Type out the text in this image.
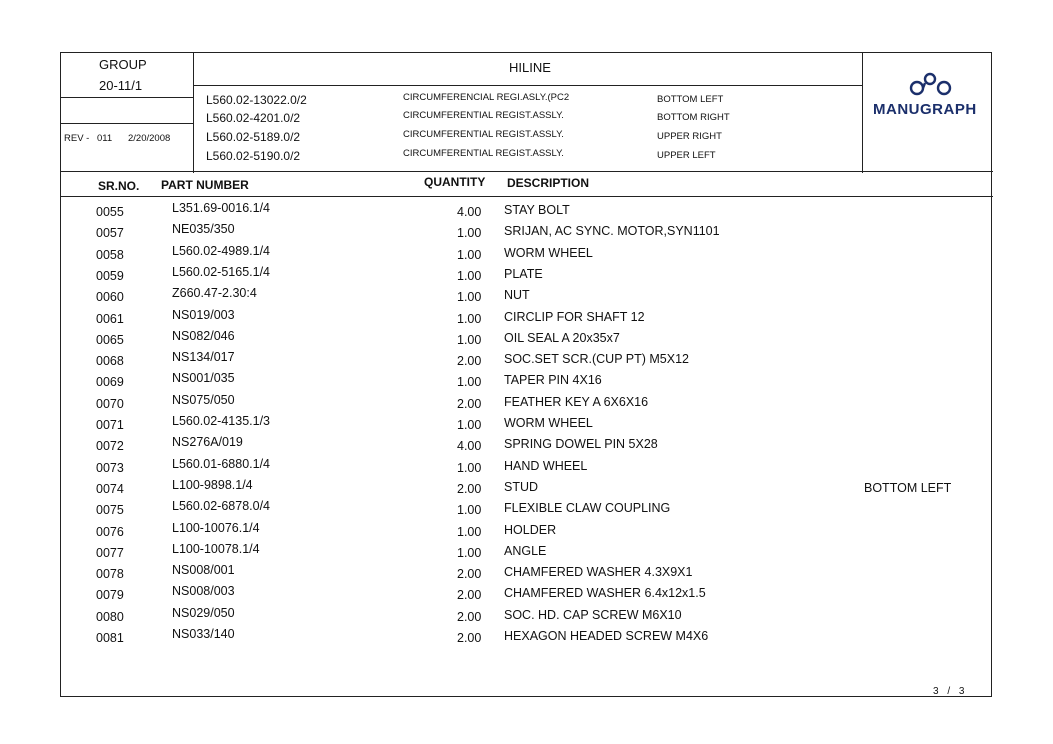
GROUP
20-11/1
REV - 011 2/20/2008
HILINE
L560.02-13022.0/2	CIRCUMFERENCIAL REGI.ASLY.(PC2	BOTTOM LEFT
L560.02-4201.0/2	CIRCUMFERENTIAL REGIST.ASSLY.	BOTTOM RIGHT
L560.02-5189.0/2	CIRCUMFERENTIAL REGIST.ASSLY.	UPPER RIGHT
L560.02-5190.0/2	CIRCUMFERENTIAL REGIST.ASSLY.	UPPER LEFT
MANUGRAPH
SR.NO. PART NUMBER	QUANTITY DESCRIPTION
0055	L351.69-0016.1/4	4.00 STAY BOLT
0057	NE035/350	1.00 SRIJAN, AC SYNC. MOTOR,SYN1101
0058	L560.02-4989.1/4	1.00 WORM WHEEL
0059	L560.02-5165.1/4	1.00 PLATE
0060	Z660.47-2.30:4	1.00 NUT
0061	NS019/003	1.00 CIRCLIP FOR SHAFT 12
0065	NS082/046	1.00 OIL SEAL A 20x35x7
0068	NS134/017	2.00 SOC.SET SCR.(CUP PT) M5X12
0069	NS001/035	1.00 TAPER PIN 4X16
0070	NS075/050	2.00 FEATHER KEY A 6X6X16
0071	L560.02-4135.1/3	1.00 WORM WHEEL
0072	NS276A/019	4.00 SPRING DOWEL PIN 5X28
0073	L560.01-6880.1/4	1.00 HAND WHEEL
0074	L100-9898.1/4	2.00 STUD	BOTTOM LEFT
0075	L560.02-6878.0/4	1.00 FLEXIBLE CLAW COUPLING
0076	L100-10076.1/4	1.00 HOLDER
0077	L100-10078.1/4	1.00 ANGLE
0078	NS008/001	2.00 CHAMFERED WASHER 4.3X9X1
0079	NS008/003	2.00 CHAMFERED WASHER 6.4x12x1.5
0080	NS029/050	2.00 SOC. HD. CAP SCREW M6X10
0081	NS033/140	2.00 HEXAGON HEADED SCREW M4X6
3 / 3
